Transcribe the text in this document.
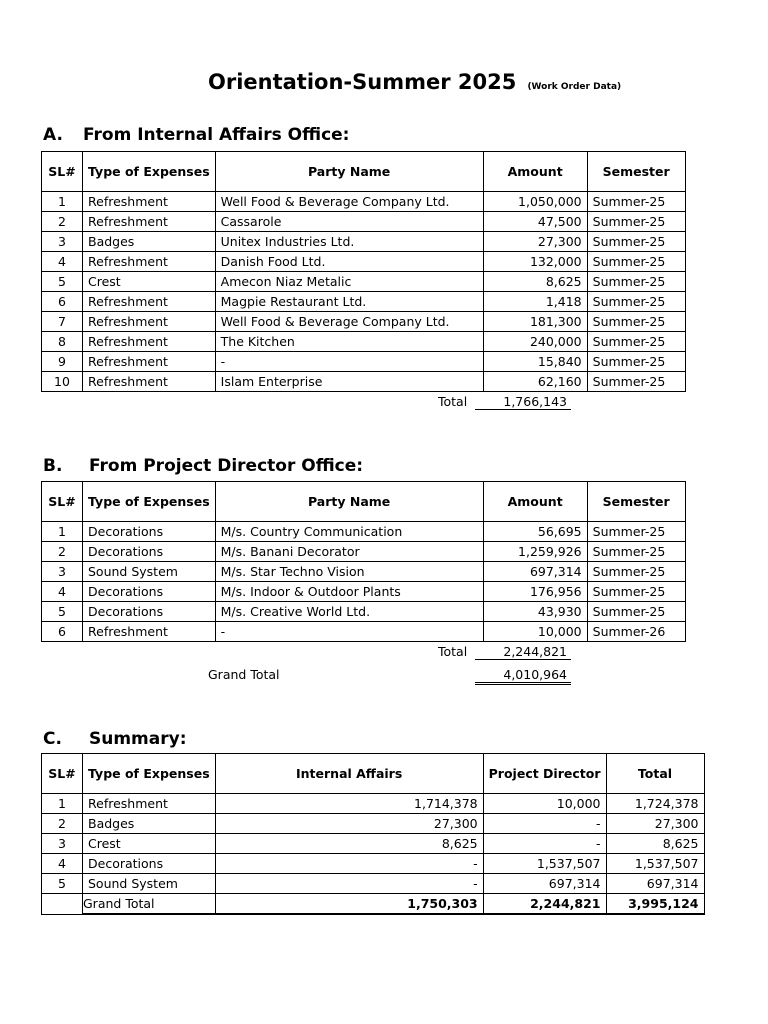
Orientation-Summer 2025 (Work Order Data)
A. From Internal Affairs Office:
SL#	Type of Expenses	Party Name	Amount	Semester
1	Refreshment	Well Food & Beverage Company Ltd.	1,050,000	Summer-25
2	Refreshment	Cassarole	47,500	Summer-25
3	Badges	Unitex Industries Ltd.	27,300	Summer-25
4	Refreshment	Danish Food Ltd.	132,000	Summer-25
5	Crest	Amecon Niaz Metalic	8,625	Summer-25
6	Refreshment	Magpie Restaurant Ltd.	1,418	Summer-25
7	Refreshment	Well Food & Beverage Company Ltd.	181,300	Summer-25
8	Refreshment	The Kitchen	240,000	Summer-25
9	Refreshment	-	15,840	Summer-25
10	Refreshment	Islam Enterprise	62,160	Summer-25
Total	1,766,143
B. From Project Director Office:
SL#	Type of Expenses	Party Name	Amount	Semester
1	Decorations	M/s. Country Communication	56,695	Summer-25
2	Decorations	M/s. Banani Decorator	1,259,926	Summer-25
3	Sound System	M/s. Star Techno Vision	697,314	Summer-25
4	Decorations	M/s. Indoor & Outdoor Plants	176,956	Summer-25
5	Decorations	M/s. Creative World Ltd.	43,930	Summer-25
6	Refreshment	-	10,000	Summer-26
Total	2,244,821
Grand Total	4,010,964
C. Summary:
SL#	Type of Expenses	Internal Affairs	Project Director	Total
1	Refreshment	1,714,378	10,000	1,724,378
2	Badges	27,300	-	27,300
3	Crest	8,625	-	8,625
4	Decorations	-	1,537,507	1,537,507
5	Sound System	-	697,314	697,314
	Grand Total	1,750,303	2,244,821	3,995,124
